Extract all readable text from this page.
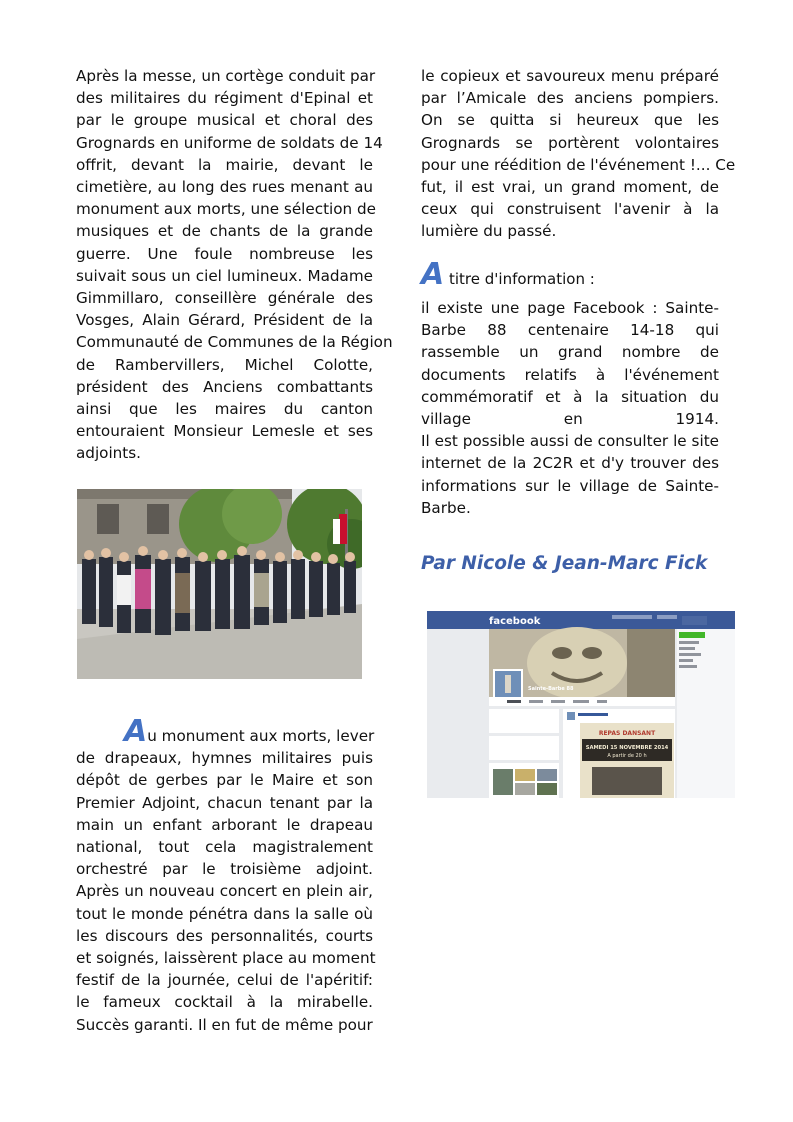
Après la messe, un cortège conduit par
des militaires du régiment d'Epinal et
par le groupe musical et choral des
Grognards en uniforme de soldats de 14
offrit, devant la mairie, devant le
cimetière, au long des rues menant au
monument aux morts, une sélection de
musiques et de chants de la grande
guerre. Une foule nombreuse les
suivait sous un ciel lumineux. Madame
Gimmillaro, conseillère générale des
Vosges, Alain Gérard, Président de la
Communauté de Communes de la Région
de Rambervillers, Michel Colotte,
président des Anciens combattants
ainsi que les maires du canton
entouraient Monsieur Lemesle et ses
adjoints.
Au monument aux morts, lever
de drapeaux, hymnes militaires puis
dépôt de gerbes par le Maire et son
Premier Adjoint, chacun tenant par la
main un enfant arborant le drapeau
national, tout cela magistralement
orchestré par le troisième adjoint.
Après un nouveau concert en plein air,
tout le monde pénétra dans la salle où
les discours des personnalités, courts
et soignés, laissèrent place au moment
festif de la journée, celui de l'apéritif:
le fameux cocktail à la mirabelle.
Succès garanti. Il en fut de même pour
le copieux et savoureux menu préparé
par l’Amicale des anciens pompiers.
On se quitta si heureux que les
Grognards se portèrent volontaires
pour une réédition de l'événement !... Ce
fut, il est vrai, un grand moment, de
ceux qui construisent l'avenir à la
lumière du passé.
A titre d'information :
il existe une page Facebook : Sainte-
Barbe 88 centenaire 14-18 qui
rassemble un grand nombre de
documents relatifs à l'événement
commémoratif et à la situation du
village en 1914.
Il est possible aussi de consulter le site
internet de la 2C2R et d'y trouver des
informations sur le village de Sainte-
Barbe.
Par Nicole & Jean-Marc Fick
facebook
Sainte-Barbe 88
REPAS DANSANT
SAMEDI 15 NOVEMBRE 2014
A partir de 20 h
